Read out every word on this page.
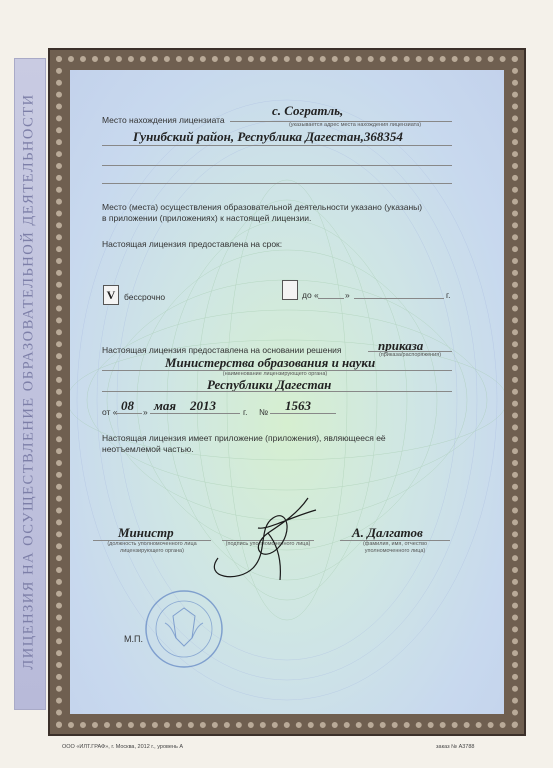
ЛИЦЕНЗИЯ НА ОСУЩЕСТВЛЕНИЕ ОБРАЗОВАТЕЛЬНОЙ ДЕЯТЕЛЬНОСТИ	Место нахождения лицензиата
с. Согратль,
(указывается адрес места нахождения лицензиата)
Гунибский район, Республика Дагестан,368354
Место (места) осуществления образовательной деятельности указано (указаны)
в приложении (приложениях) к настоящей лицензии.
Настоящая лицензия предоставлена на срок:
V	бессрочно	до «	»	г.
Настоящая лицензия предоставлена на основании решения	приказа
(приказа/распоряжения)
Министерства образования и науки
(наименование лицензирующего органа)
Республики Дагестан
от « 08 » мая 2013	г. № 1563
Настоящая лицензия имеет приложение (приложения), являющееся её
неотъемлемой частью.
Министр
(должность уполномоченного лица лицензирующего органа)
(подпись уполномоченного лица)
А. Далгатов
(фамилия, имя, отчество уполномоченного лица)
М.П.
ООО «ИЛТ.ГРАФ», г. Москва, 2012 г., уровень А	заказ № А3788
